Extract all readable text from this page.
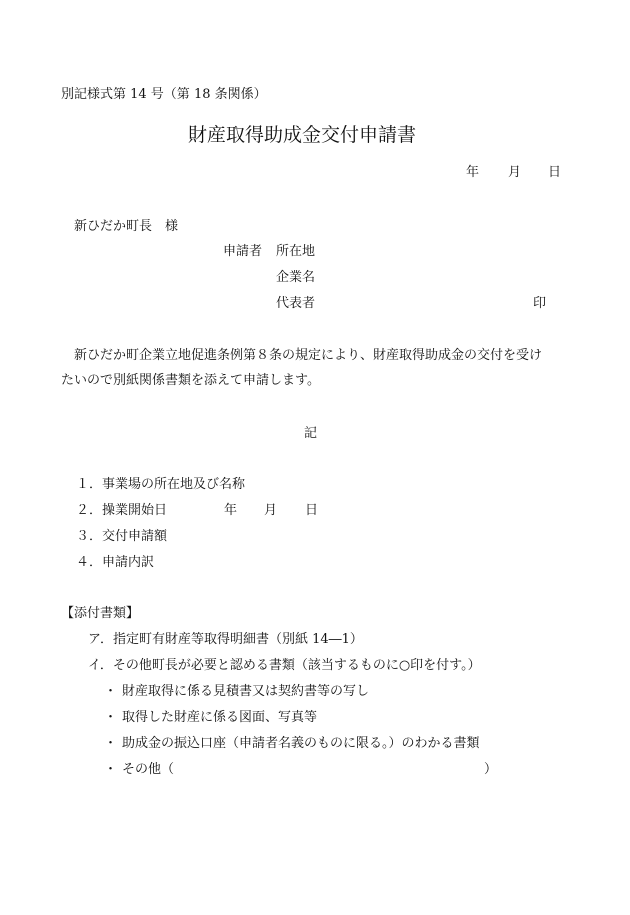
別記様式第 14 号（第 18 条関係）
財産取得助成金交付申請書
年 月 日
新ひだか町長　様
申請者 所在地
企業名
代表者	印
新ひだか町企業立地促進条例第８条の規定により、財産取得助成金の交付を受け
たいので別紙関係書類を添えて申請します。
記
１．事業場の所在地及び名称
２．操業開始日	年 月 日
３．交付申請額
４．申請内訳
【添付書類】
ア．指定町有財産等取得明細書（別紙 14―1）
イ．その他町長が必要と認める書類（該当するものに○印を付す。）
・ 財産取得に係る見積書又は契約書等の写し
・ 取得した財産に係る図面、写真等
・ 助成金の振込口座（申請者名義のものに限る。）のわかる書類
・ その他（	）
